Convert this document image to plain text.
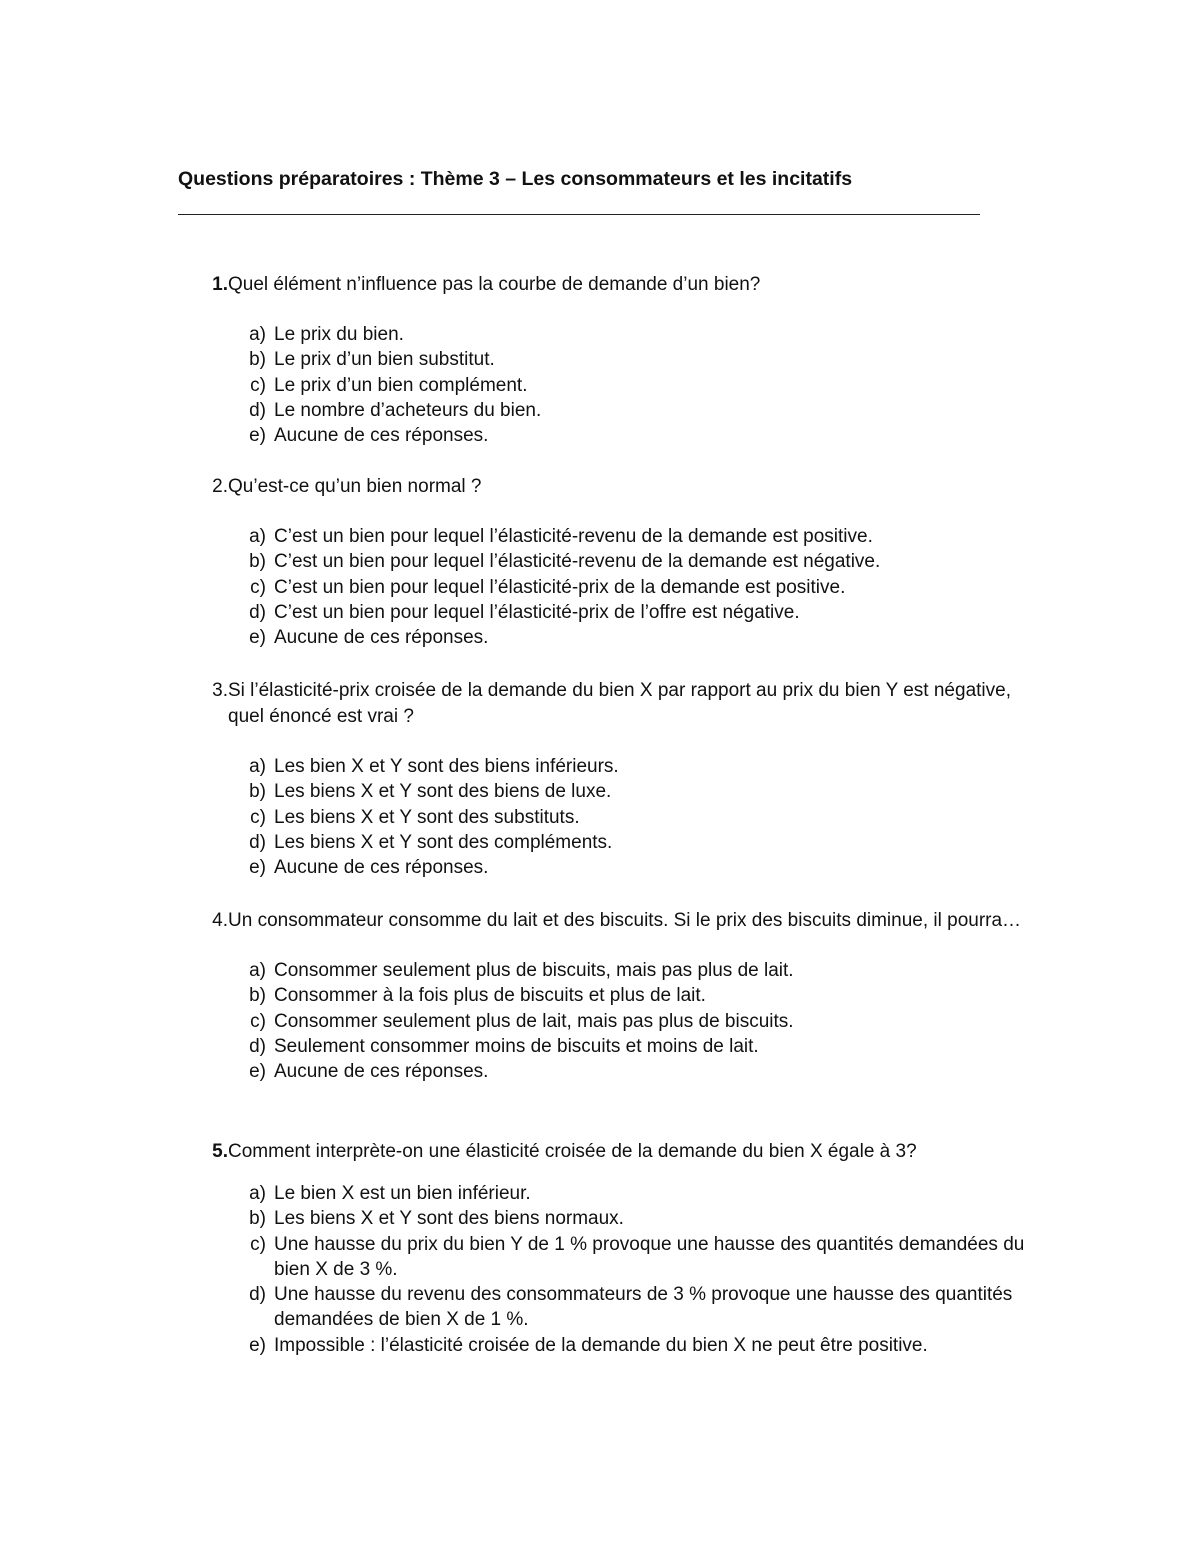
Questions préparatoires : Thème 3 – Les consommateurs et les incitatifs
1. Quel élément n’influence pas la courbe de demande d’un bien?
a) Le prix du bien.
b) Le prix d’un bien substitut.
c) Le prix d’un bien complément.
d) Le nombre d’acheteurs du bien.
e) Aucune de ces réponses.
2. Qu’est-ce qu’un bien normal ?
a) C’est un bien pour lequel l’élasticité-revenu de la demande est positive.
b) C’est un bien pour lequel l’élasticité-revenu de la demande est négative.
c) C’est un bien pour lequel l’élasticité-prix de la demande est positive.
d) C’est un bien pour lequel l’élasticité-prix de l’offre est négative.
e) Aucune de ces réponses.
3. Si l’élasticité-prix croisée de la demande du bien X par rapport au prix du bien Y est négative, quel énoncé est vrai ?
a) Les bien X et Y sont des biens inférieurs.
b) Les biens X et Y sont des biens de luxe.
c) Les biens X et Y sont des substituts.
d) Les biens X et Y sont des compléments.
e) Aucune de ces réponses.
4. Un consommateur consomme du lait et des biscuits. Si le prix des biscuits diminue, il pourra…
a) Consommer seulement plus de biscuits, mais pas plus de lait.
b) Consommer à la fois plus de biscuits et plus de lait.
c) Consommer seulement plus de lait, mais pas plus de biscuits.
d) Seulement consommer moins de biscuits et moins de lait.
e) Aucune de ces réponses.
5. Comment interprète-on une élasticité croisée de la demande du bien X égale à 3?
a) Le bien X est un bien inférieur.
b) Les biens X et Y sont des biens normaux.
c) Une hausse du prix du bien Y de 1 % provoque une hausse des quantités demandées du bien X de 3 %.
d) Une hausse du revenu des consommateurs de 3 % provoque une hausse des quantités demandées de bien X de 1 %.
e) Impossible : l’élasticité croisée de la demande du bien X ne peut être positive.
